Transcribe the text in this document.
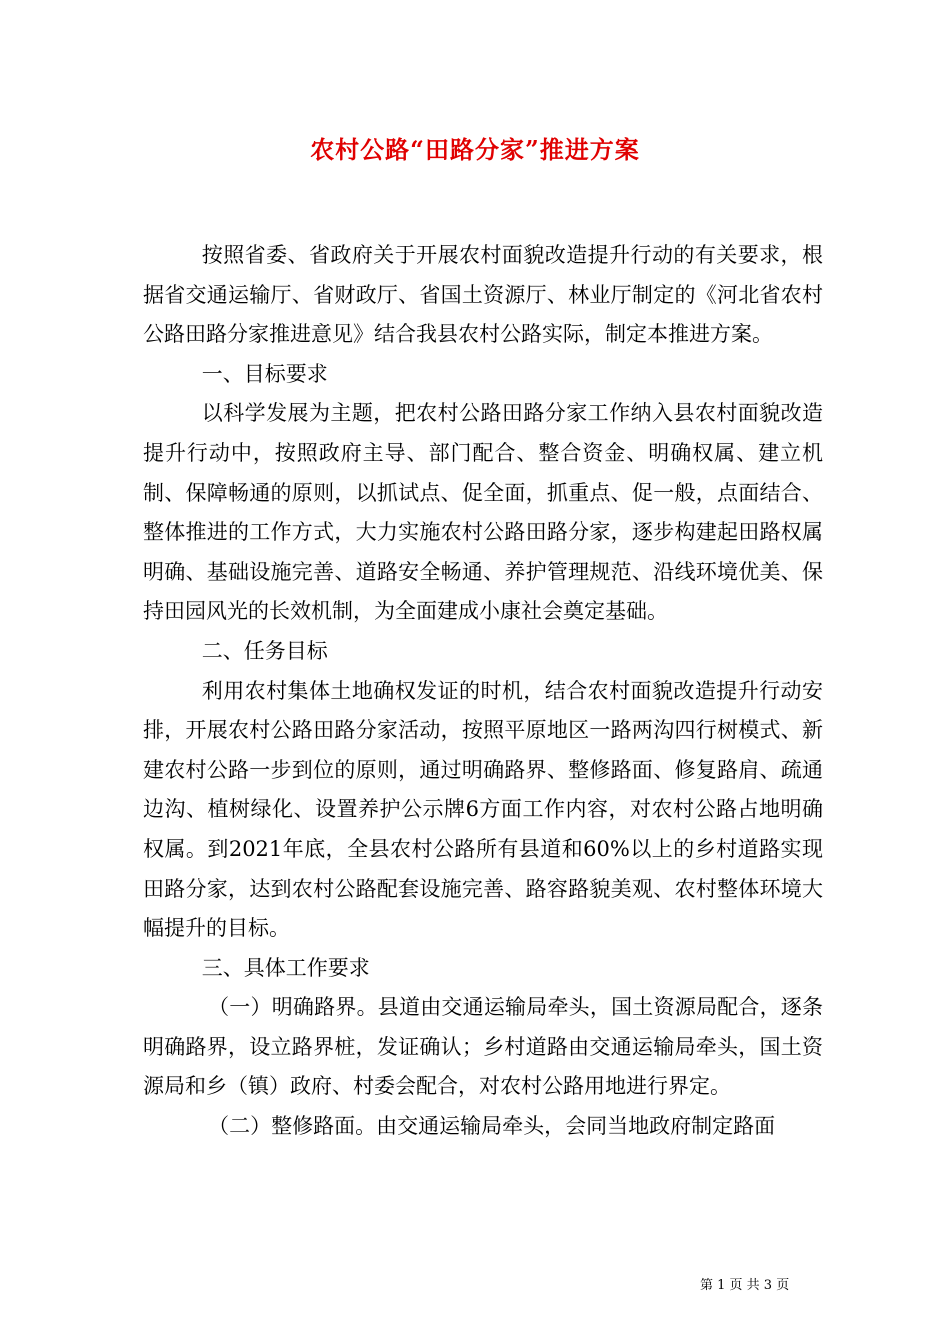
农村公路“田路分家”推进方案

按照省委、省政府关于开展农村面貌改造提升行动的有关要求，根据省交通运输厅、省财政厅、省国土资源厅、林业厅制定的《河北省农村公路田路分家推进意见》结合我县农村公路实际，制定本推进方案。

一、目标要求

以科学发展为主题，把农村公路田路分家工作纳入县农村面貌改造提升行动中，按照政府主导、部门配合、整合资金、明确权属、建立机制、保障畅通的原则，以抓试点、促全面，抓重点、促一般，点面结合、整体推进的工作方式，大力实施农村公路田路分家，逐步构建起田路权属明确、基础设施完善、道路安全畅通、养护管理规范、沿线环境优美、保持田园风光的长效机制，为全面建成小康社会奠定基础。

二、任务目标

利用农村集体土地确权发证的时机，结合农村面貌改造提升行动安排，开展农村公路田路分家活动，按照平原地区一路两沟四行树模式、新建农村公路一步到位的原则，通过明确路界、整修路面、修复路肩、疏通边沟、植树绿化、设置养护公示牌6方面工作内容，对农村公路占地明确权属。到2021年底，全县农村公路所有县道和60%以上的乡村道路实现田路分家，达到农村公路配套设施完善、路容路貌美观、农村整体环境大幅提升的目标。

三、具体工作要求

（一）明确路界。县道由交通运输局牵头，国土资源局配合，逐条明确路界，设立路界桩，发证确认；乡村道路由交通运输局牵头，国土资源局和乡（镇）政府、村委会配合，对农村公路用地进行界定。

（二）整修路面。由交通运输局牵头，会同当地政府制定路面

第 1 页 共 3 页
